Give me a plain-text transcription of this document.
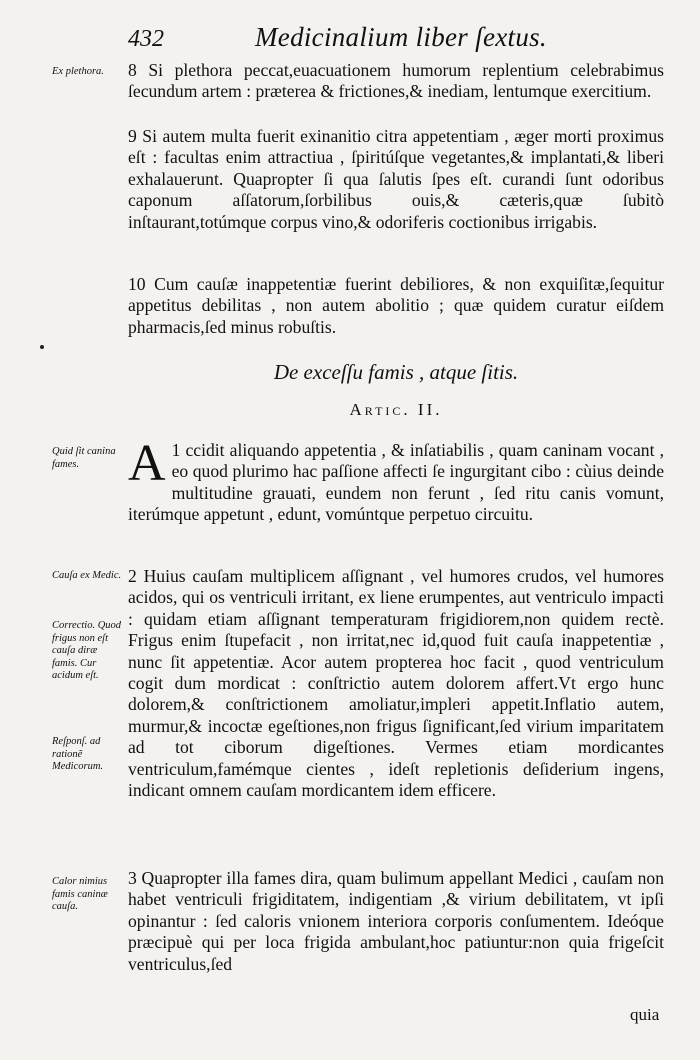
432	Medicinalium liber ſextus.
Ex plethora.	8 Si plethora peccat,euacuationem humorum replentium celebrabimus ſecundum artem : præterea & frictiones,& inediam, lentumque exercitium.

9 Si autem multa fuerit exinanitio citra appetentiam , æger morti proximus eſt : facultas enim attractiua , ſpiritúſque vegetantes,& implantati,& liberi exhalauerunt. Quapropter ſi qua ſalutis ſpes eſt. curandi ſunt odoribus caponum aſſatorum,ſorbilibus ouis,& cæteris,quæ ſubitò inſtaurant,totúmque corpus vino,& odoriferis coctionibus irrigabis.

10 Cum cauſæ inappetentiæ fuerint debiliores, & non exquiſitæ,ſequitur appetitus debilitas , non autem abolitio ; quæ quidem curatur eiſdem pharmacis,ſed minus robuſtis.

De exceſſu famis , atque ſitis.
Artic. II.
Quid ſit canina fames. A 1 ccidit aliquando appetentia , & inſatiabilis , quam caninam vocant , eo quod plurimo hac paſſione affecti ſe ingurgitant cibo : cùius deinde multitudine grauati, eundem non ferunt , ſed ritu canis vomunt, iterúmque appetunt , edunt, vomúntque perpetuo circuitu.

Cauſa ex Medic.
Correctio. Quod frigus non eſt cauſa diræ famis. Cur acidum eſt.
Reſponſ. ad rationẽ Medicorum.

2 Huius cauſam multiplicem aſſignant , vel humores crudos, vel humores acidos, qui os ventriculi irritant, ex liene erumpentes, aut ventriculo impacti : quidam etiam aſſignant temperaturam frigidiorem,non quidem rectè. Frigus enim ſtupefacit , non irritat,nec id,quod fuit cauſa inappetentiæ , nunc ſit appetentiæ. Acor autem propterea hoc facit , quod ventriculum cogit dum mordicat : conſtrictio autem dolorem affert.Vt ergo hunc dolorem,& conſtrictionem amoliatur,impleri appetit.Inflatio autem, murmur,& incoctæ egeſtiones,non frigus ſignificant,ſed virium imparitatem ad tot ciborum digeſtiones. Vermes etiam mordicantes ventriculum,famémque cientes , ideſt repletionis deſiderium ingens, indicant omnem cauſam mordicantem idem efficere.

Calor nimius famis caninæ cauſa.

3 Quapropter illa fames dira, quam bulimum appellant Medici , cauſam non habet ventriculi frigiditatem, indigentiam ,& virium debilitatem, vt ipſi opinantur : ſed caloris vnionem interiora corporis conſumentem. Ideóque præcipuè qui per loca frigida ambulant,hoc patiuntur:non quia frigeſcit ventriculus,ſed

quia
